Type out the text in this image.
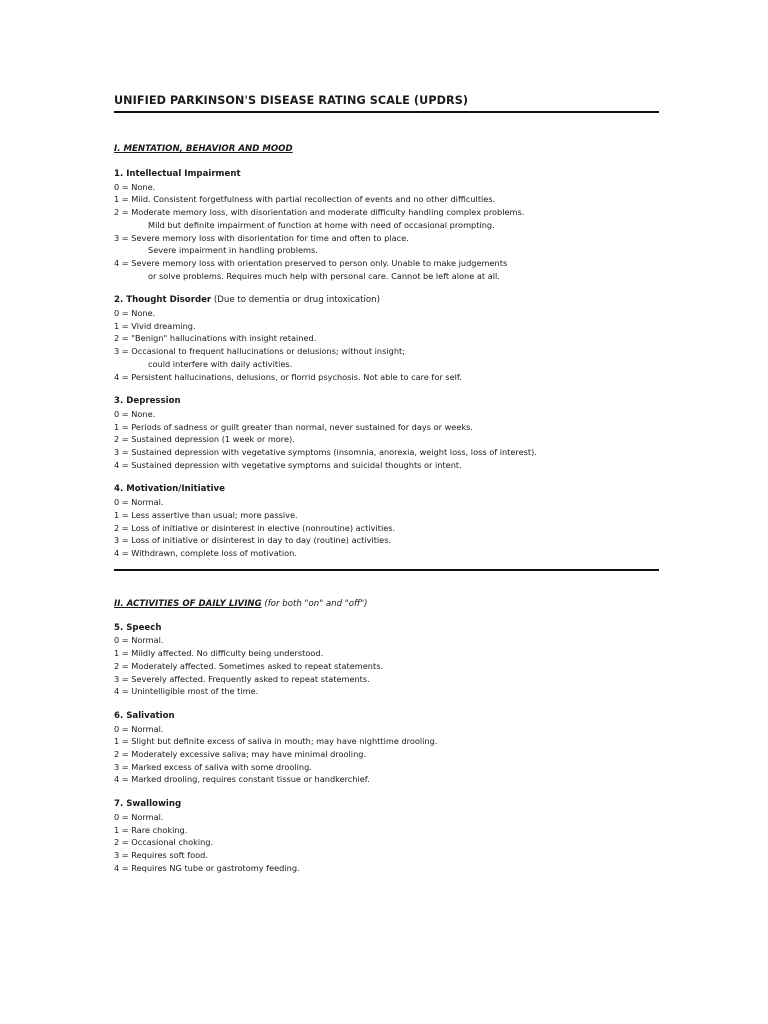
UNIFIED PARKINSON'S DISEASE RATING SCALE (UPDRS)

I. MENTATION, BEHAVIOR AND MOOD

1. Intellectual Impairment

0 = None.

1 = Mild. Consistent forgetfulness with partial recollection of events and no other difficulties.

2 = Moderate memory loss, with disorientation and moderate difficulty handling complex problems.

Mild but definite impairment of function at home with need of occasional prompting.

3 = Severe memory loss with disorientation for time and often to place.

Severe impairment in handling problems.

4 = Severe memory loss with orientation preserved to person only. Unable to make judgements

or solve problems. Requires much help with personal care. Cannot be left alone at all.

2. Thought Disorder (Due to dementia or drug intoxication)

0 = None.

1 = Vivid dreaming.

2 = "Benign" hallucinations with insight retained.

3 = Occasional to frequent hallucinations or delusions; without insight;

could interfere with daily activities.

4 = Persistent hallucinations, delusions, or florrid psychosis. Not able to care for self.

3. Depression

0 = None.

1 = Periods of sadness or guilt greater than normal, never sustained for days or weeks.

2 = Sustained depression (1 week or more).

3 = Sustained depression with vegetative symptoms (insomnia, anorexia, weight loss, loss of interest).

4 = Sustained depression with vegetative symptoms and suicidal thoughts or intent.

4. Motivation/Initiative

0 = Normal.

1 = Less assertive than usual; more passive.

2 = Loss of initiative or disinterest in elective (nonroutine) activities.

3 = Loss of initiative or disinterest in day to day (routine) activities.

4 = Withdrawn, complete loss of motivation.

II. ACTIVITIES OF DAILY LIVING (for both "on" and "off")

5. Speech

0 = Normal.

1 = Mildly affected. No difficulty being understood.

2 = Moderately affected. Sometimes asked to repeat statements.

3 = Severely affected. Frequently asked to repeat statements.

4 = Unintelligible most of the time.

6. Salivation

0 = Normal.

1 = Slight but definite excess of saliva in mouth; may have nighttime drooling.

2 = Moderately excessive saliva; may have minimal drooling.

3 = Marked excess of saliva with some drooling.

4 = Marked drooling, requires constant tissue or handkerchief.

7. Swallowing

0 = Normal.

1 = Rare choking.

2 = Occasional choking.

3 = Requires soft food.

4 = Requires NG tube or gastrotomy feeding.
